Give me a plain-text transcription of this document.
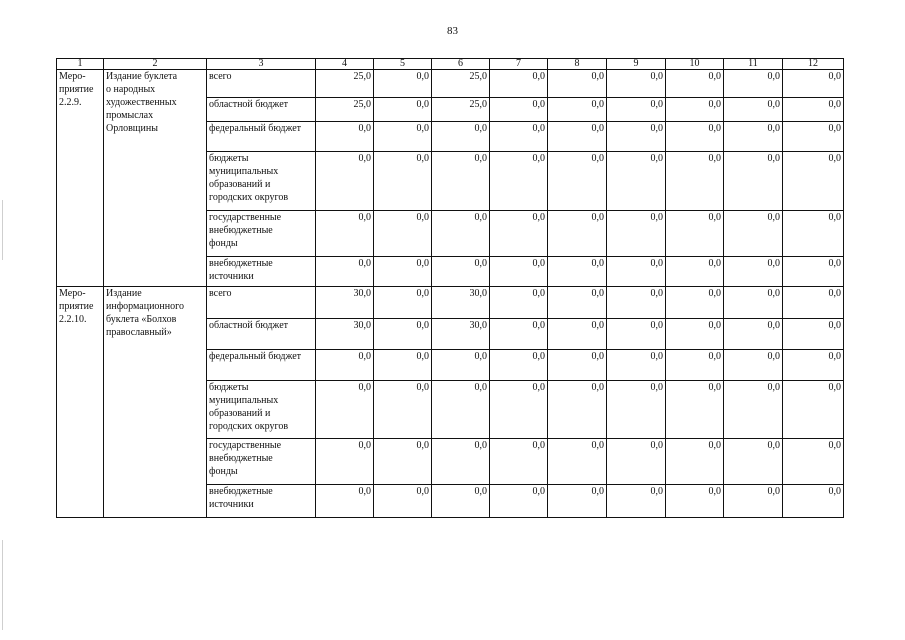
83
1	2	3	4	5	6	7	8	9	10	11	12

Меро-
приятие
2.2.9.	Издание буклета
о народных
художественных
промыслах
Орловщины	всего	25,0	0,0	25,0	0,0	0,0	0,0	0,0	0,0	0,0

		областной бюджет	25,0	0,0	25,0	0,0	0,0	0,0	0,0	0,0	0,0

		федеральный бюджет	0,0	0,0	0,0	0,0	0,0	0,0	0,0	0,0	0,0

		бюджеты
муниципальных
образований и
городских округов	0,0	0,0	0,0	0,0	0,0	0,0	0,0	0,0	0,0

		государственные
внебюджетные
фонды	0,0	0,0	0,0	0,0	0,0	0,0	0,0	0,0	0,0

		внебюджетные
источники	0,0	0,0	0,0	0,0	0,0	0,0	0,0	0,0	0,0

Меро-
приятие
2.2.10.	Издание
информационного
буклета «Болхов
православный»	всего	30,0	0,0	30,0	0,0	0,0	0,0	0,0	0,0	0,0

		областной бюджет	30,0	0,0	30,0	0,0	0,0	0,0	0,0	0,0	0,0

		федеральный бюджет	0,0	0,0	0,0	0,0	0,0	0,0	0,0	0,0	0,0

		бюджеты
муниципальных
образований и
городских округов	0,0	0,0	0,0	0,0	0,0	0,0	0,0	0,0	0,0

		государственные
внебюджетные
фонды	0,0	0,0	0,0	0,0	0,0	0,0	0,0	0,0	0,0

		внебюджетные
источники	0,0	0,0	0,0	0,0	0,0	0,0	0,0	0,0	0,0
